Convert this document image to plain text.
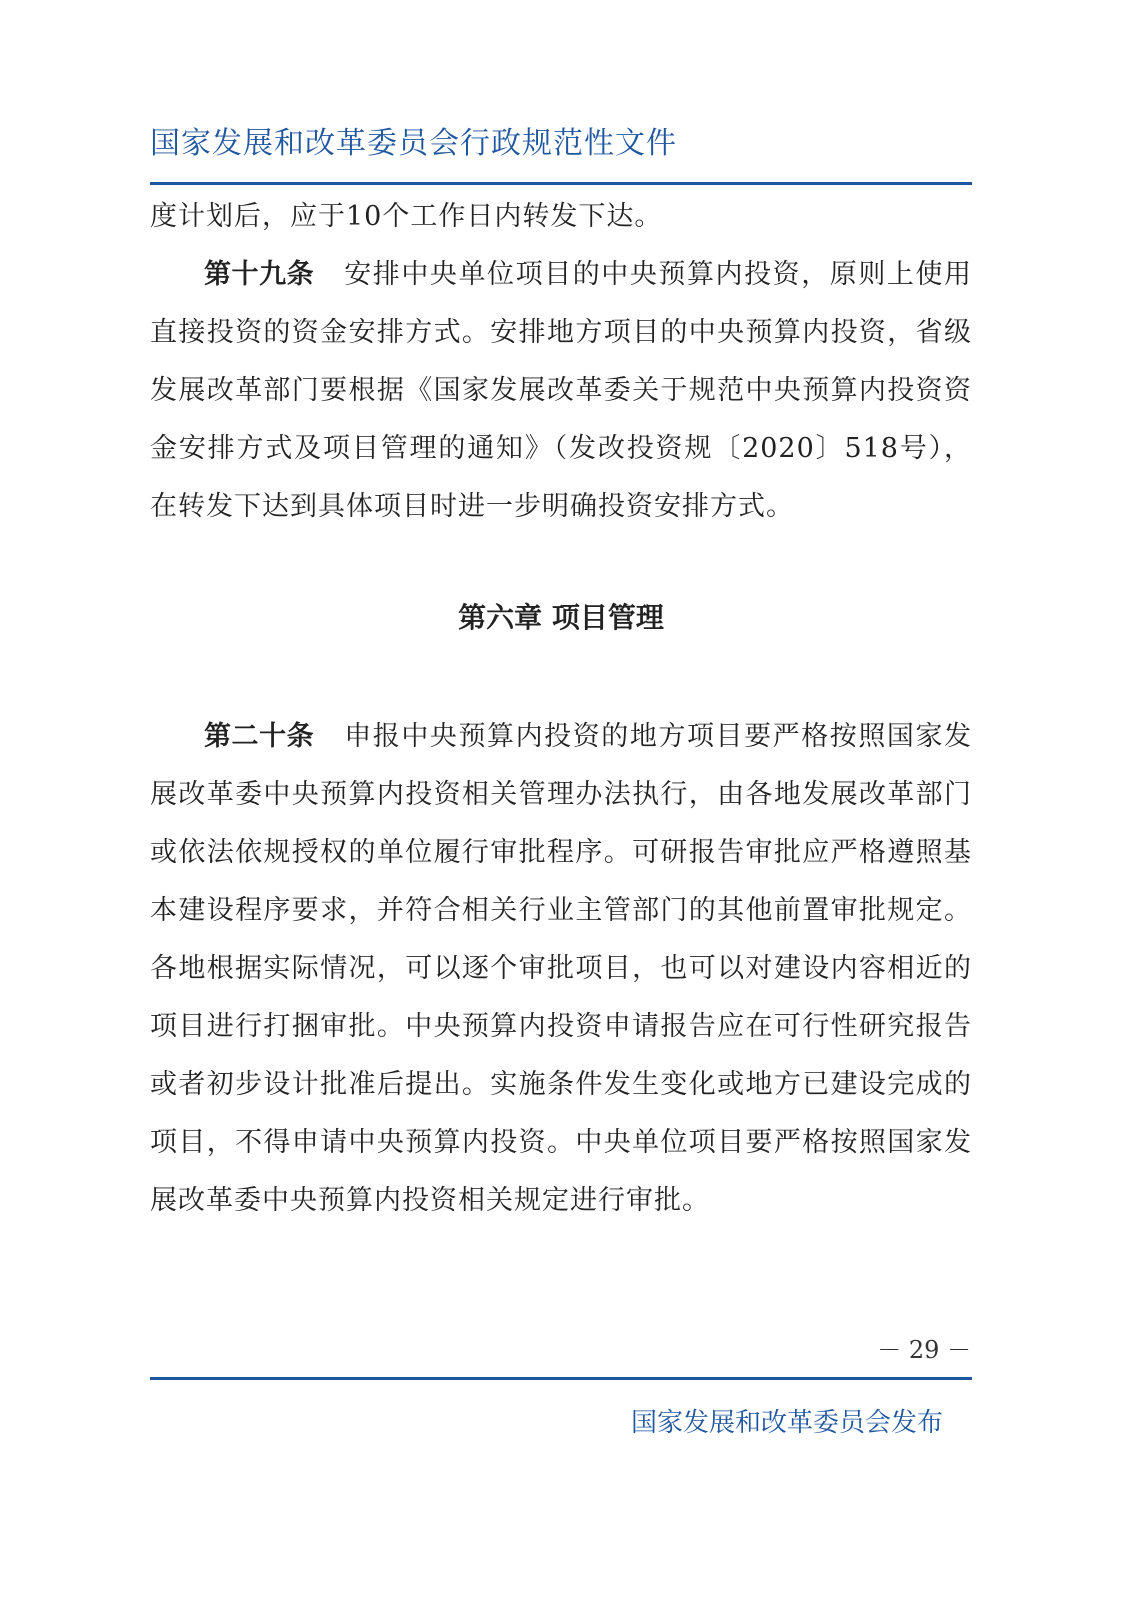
国家发展和改革委员会行政规范性文件

度计划后，应于10个工作日内转发下达。

第十九条 安排中央单位项目的中央预算内投资，原则上使用直接投资的资金安排方式。安排地方项目的中央预算内投资，省级发展改革部门要根据《国家发展改革委关于规范中央预算内投资资金安排方式及项目管理的通知》（发改投资规〔2020〕518号），在转发下达到具体项目时进一步明确投资安排方式。

第六章 项目管理

第二十条 申报中央预算内投资的地方项目要严格按照国家发展改革委中央预算内投资相关管理办法执行，由各地发展改革部门或依法依规授权的单位履行审批程序。可研报告审批应严格遵照基本建设程序要求，并符合相关行业主管部门的其他前置审批规定。各地根据实际情况，可以逐个审批项目，也可以对建设内容相近的项目进行打捆审批。中央预算内投资申请报告应在可行性研究报告或者初步设计批准后提出。实施条件发生变化或地方已建设完成的项目，不得申请中央预算内投资。中央单位项目要严格按照国家发展改革委中央预算内投资相关规定进行审批。

－ 29 －
国家发展和改革委员会发布
